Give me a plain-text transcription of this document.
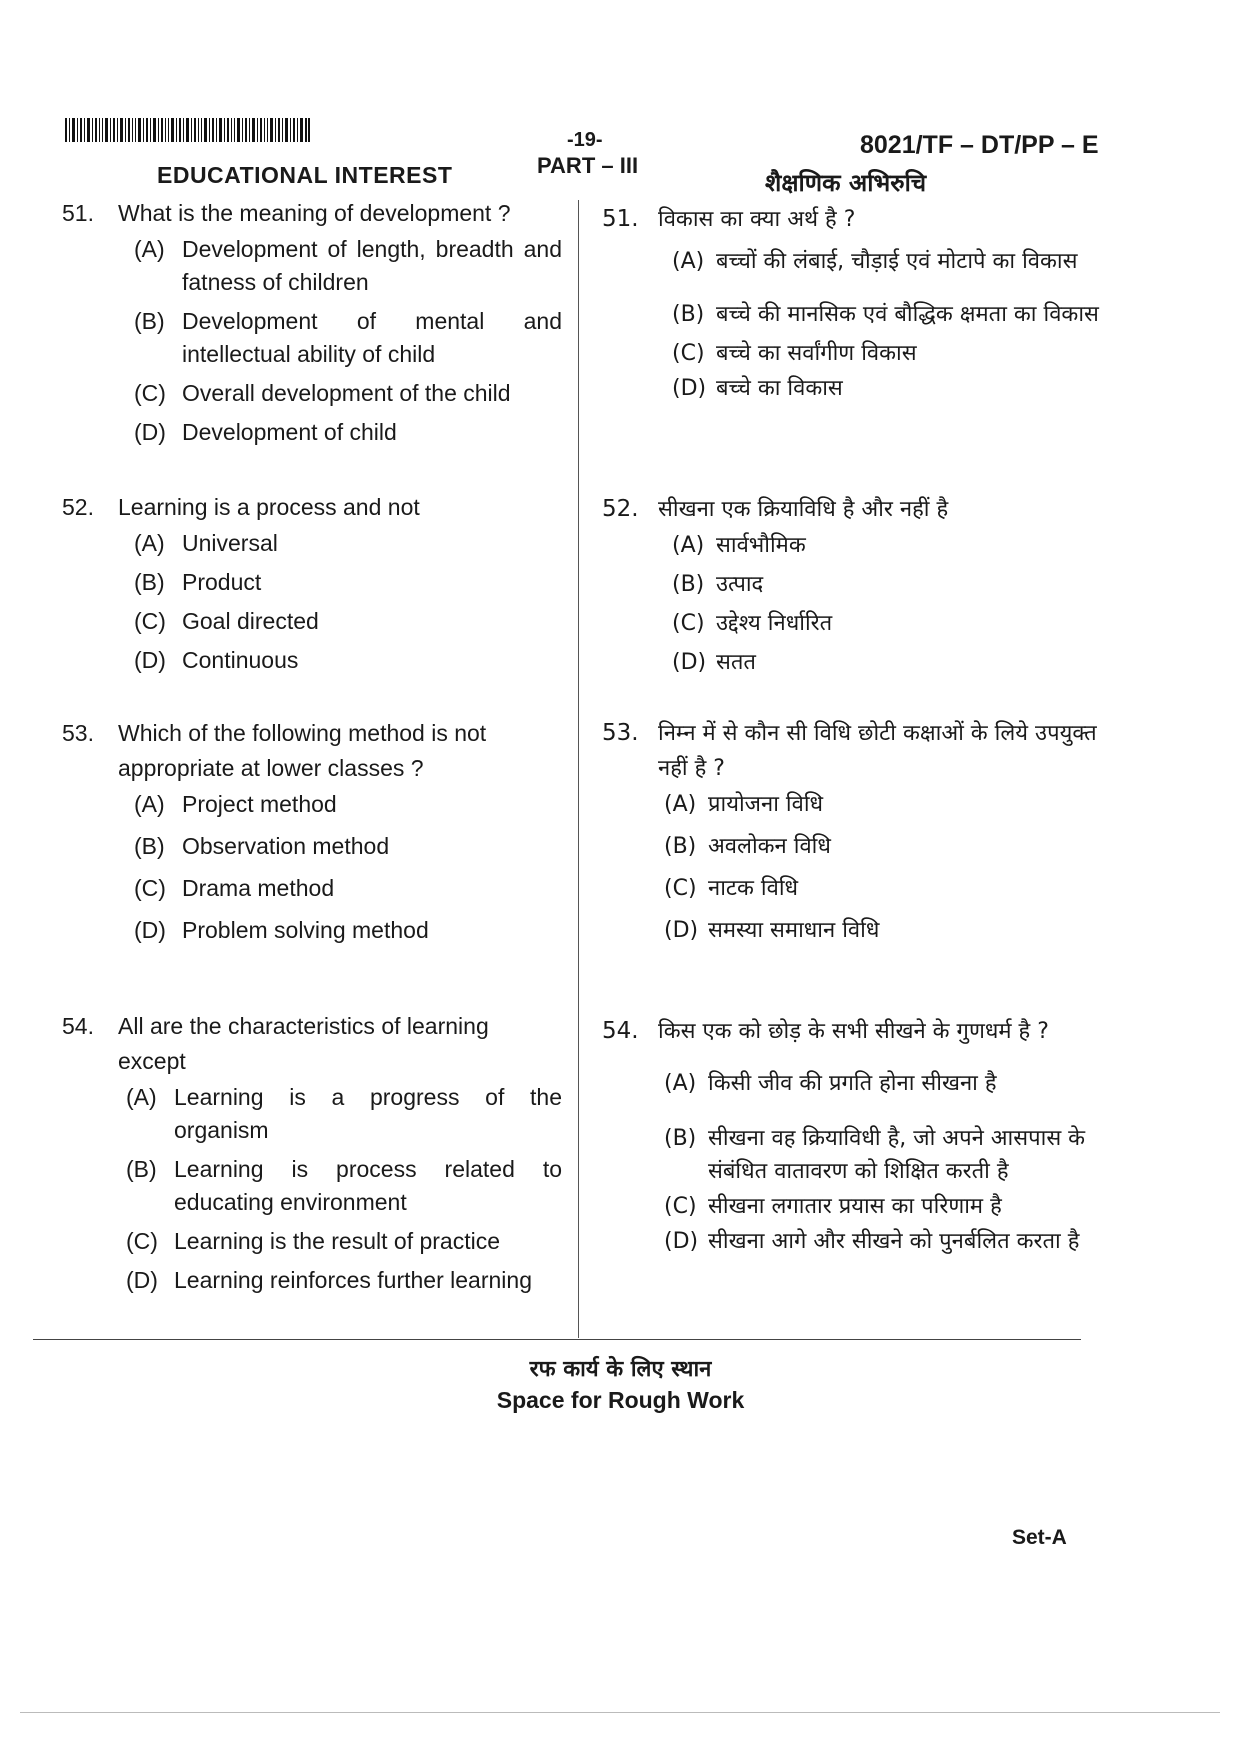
-19-	8021/TF – DT/PP – E
PART – III
EDUCATIONAL INTEREST	शैक्षणिक अभिरुचि
51.	What is the meaning of development ?
(A) Development of length, breadth and fatness of children
(B) Development of mental and intellectual ability of child
(C) Overall development of the child
(D) Development of child
52.	Learning is a process and not
(A) Universal
(B) Product
(C) Goal directed
(D) Continuous
53.	Which of the following method is not appropriate at lower classes ?
(A) Project method
(B) Observation method
(C) Drama method
(D) Problem solving method
54.	All are the characteristics of learning except
(A) Learning is a progress of the organism
(B) Learning is process related to educating environment
(C) Learning is the result of practice
(D) Learning reinforces further learning
51. विकास का क्या अर्थ है ?
(A) बच्चों की लंबाई, चौड़ाई एवं मोटापे का विकास
(B) बच्चे की मानसिक एवं बौद्धिक क्षमता का विकास
(C) बच्चे का सर्वांगीण विकास
(D) बच्चे का विकास
52. सीखना एक क्रियाविधि है और नहीं है
(A) सार्वभौमिक
(B) उत्पाद
(C) उद्देश्य निर्धारित
(D) सतत
53. निम्न में से कौन सी विधि छोटी कक्षाओं के लिये उपयुक्त नहीं है ?
(A) प्रायोजना विधि
(B) अवलोकन विधि
(C) नाटक विधि
(D) समस्या समाधान विधि
54. किस एक को छोड़ के सभी सीखने के गुणधर्म है ?
(A) किसी जीव की प्रगति होना सीखना है
(B) सीखना वह क्रियाविधी है, जो अपने आसपास के संबंधित वातावरण को शिक्षित करती है
(C) सीखना लगातार प्रयास का परिणाम है
(D) सीखना आगे और सीखने को पुनर्बलित करता है
रफ कार्य के लिए स्थान
Space for Rough Work
Set-A
